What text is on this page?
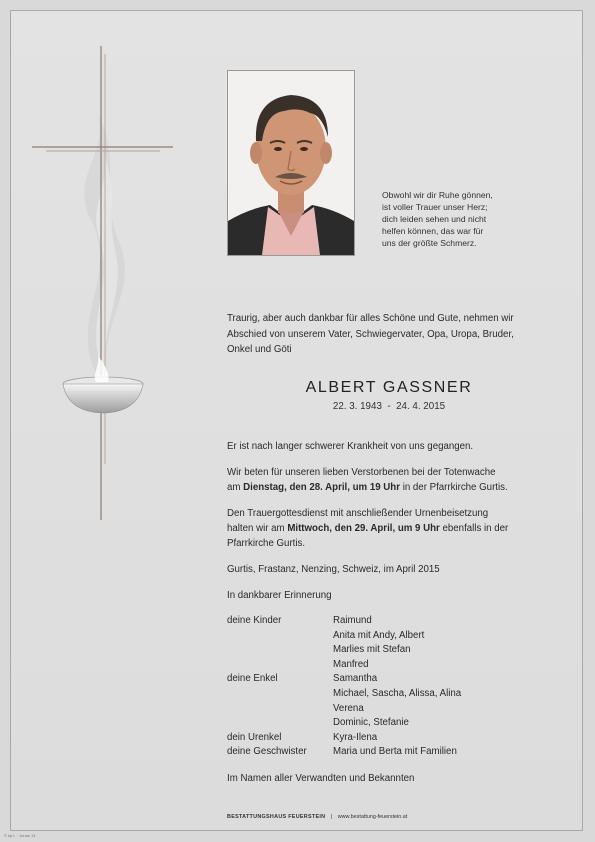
Obwohl wir dir Ruhe gönnen,
ist voller Trauer unser Herz;
dich leiden sehen und nicht
helfen können, das war für
uns der größte Schmerz.
Traurig, aber auch dankbar für alles Schöne und Gute, nehmen wir
Abschied von unserem Vater, Schwiegervater, Opa, Uropa, Bruder,
Onkel und Göti
ALBERT GASSNER
22. 3. 1943 - 24. 4. 2015
Er ist nach langer schwerer Krankheit von uns gegangen.
Wir beten für unseren lieben Verstorbenen bei der Totenwache
am Dienstag, den 28. April, um 19 Uhr in der Pfarrkirche Gurtis.
Den Trauergottesdienst mit anschließender Urnenbeisetzung
halten wir am Mittwoch, den 29. April, um 9 Uhr ebenfalls in der
Pfarrkirche Gurtis.
Gurtis, Frastanz, Nenzing, Schweiz, im April 2015
In dankbarer Erinnerung
deine Kinder	Raimund
Anita mit Andy, Albert
Marlies mit Stefan
Manfred
deine Enkel	Samantha
Michael, Sascha, Alissa, Alina
Verena
Dominic, Stefanie
dein Urenkel	Kyra-Ilena
deine Geschwister	Maria und Berta mit Familien
Im Namen aller Verwandten und Bekannten
BESTATTUNGSHAUS FEUERSTEIN | www.bestattung-feuerstein.at
© kp.t. · Jonas 13
